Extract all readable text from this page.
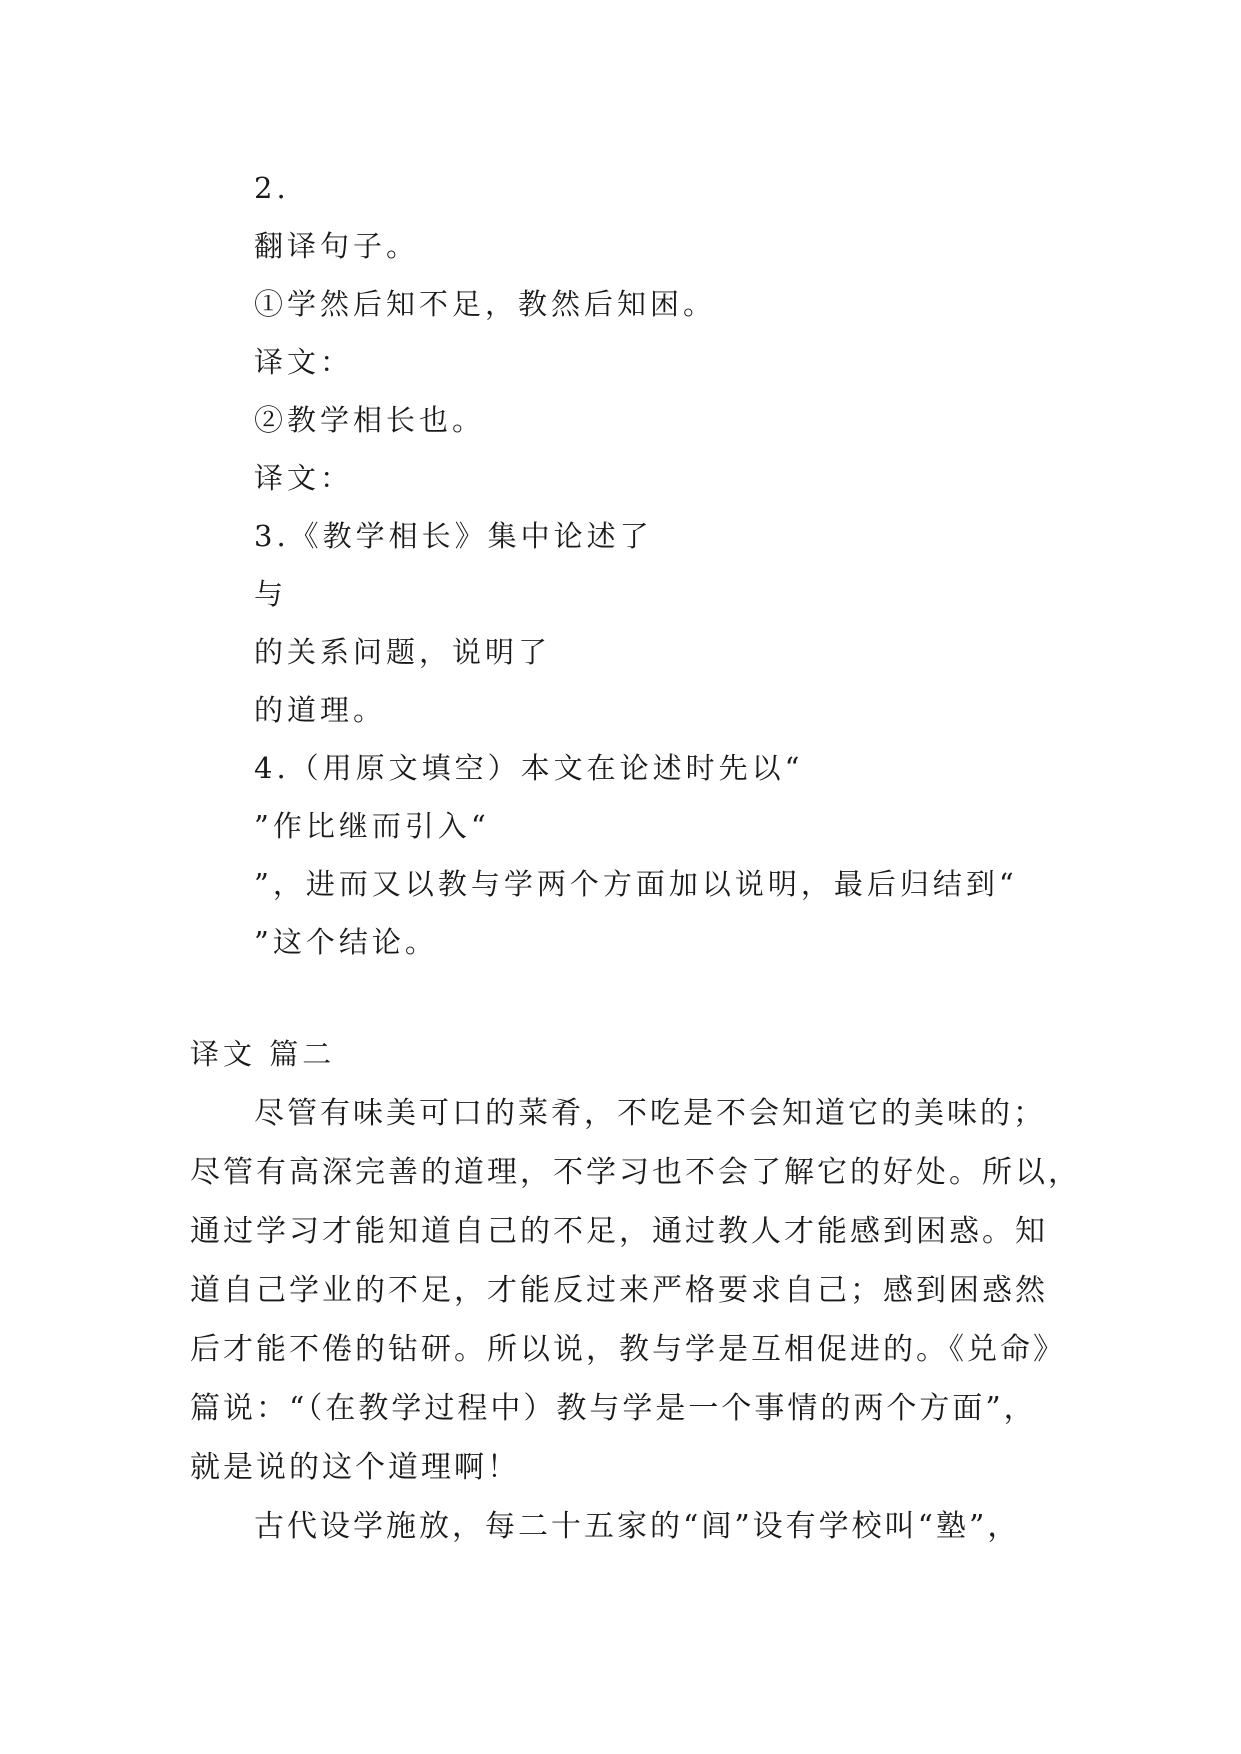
2.
翻译句子。
①学然后知不足，教然后知困。
译文：
②教学相长也。
译文：
3.《教学相长》集中论述了
与
的关系问题，说明了
的道理。
4.（用原文填空）本文在论述时先以“
”作比继而引入“
”，进而又以教与学两个方面加以说明，最后归结到“
”这个结论。
译文 篇二
尽管有味美可口的菜肴，不吃是不会知道它的美味的；
尽管有高深完善的道理，不学习也不会了解它的好处。所以，
通过学习才能知道自己的不足，通过教人才能感到困惑。知
道自己学业的不足，才能反过来严格要求自己；感到困惑然
后才能不倦的钻研。所以说，教与学是互相促进的。《兑命》
篇说：“（在教学过程中）教与学是一个事情的两个方面”，
就是说的这个道理啊！
古代设学施放，每二十五家的“闾”设有学校叫“塾”，
